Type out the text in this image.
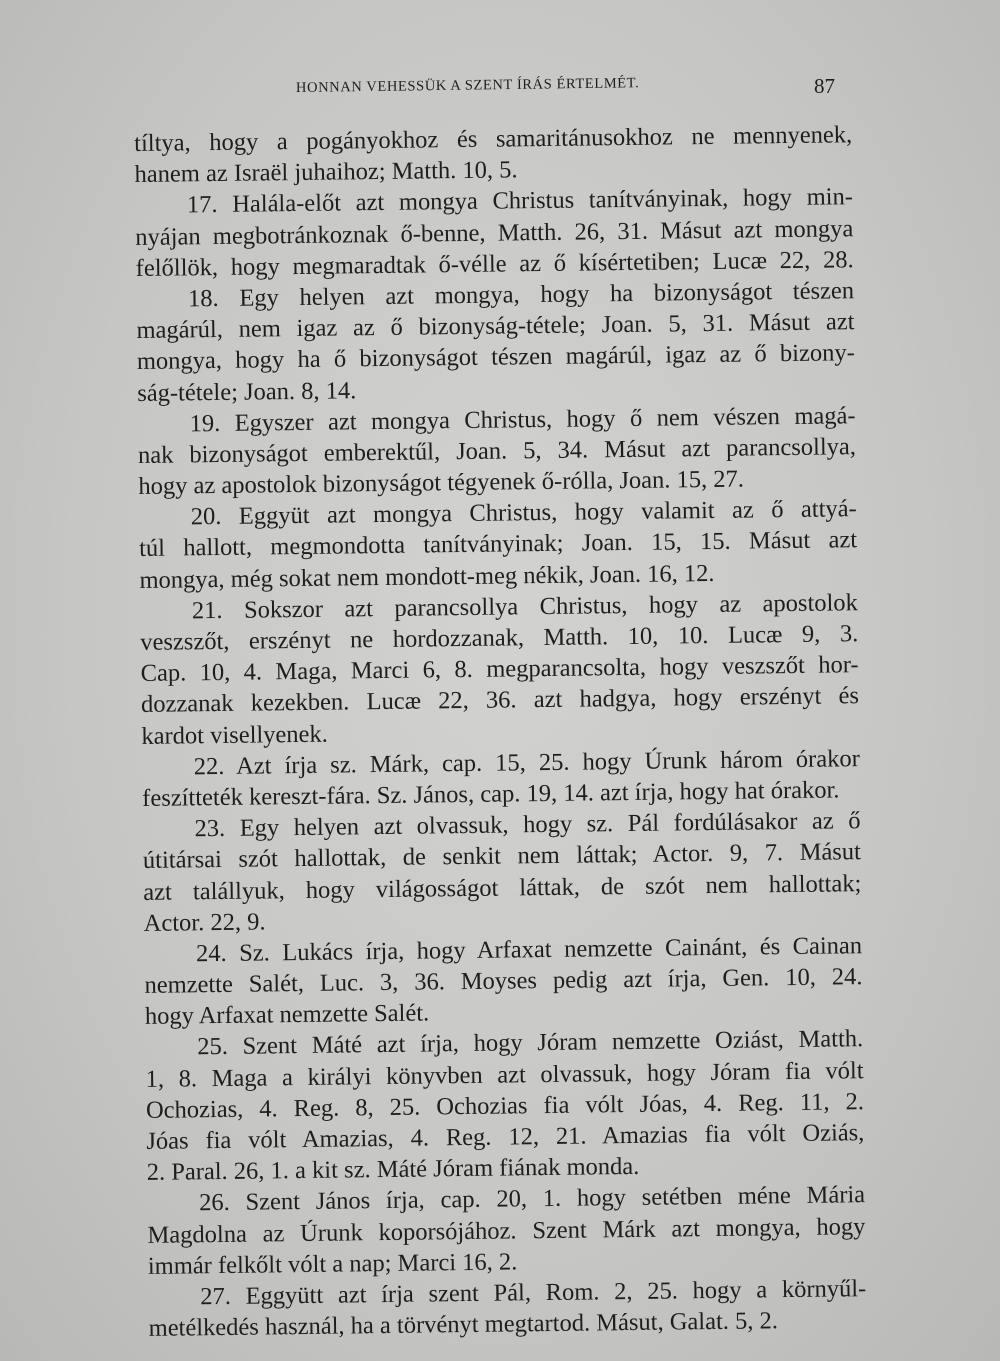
HONNAN VEHESSÜK A SZENT ÍRÁS ÉRTELMÉT.	87
tíltya, hogy a pogányokhoz és samaritánusokhoz ne mennyenek,
hanem az Israël juhaihoz; Matth. 10, 5.
17. Halála-előt azt mongya Christus tanítványinak, hogy min-
nyájan megbotránkoznak ő-benne, Matth. 26, 31. Másut azt mongya
felőllök, hogy megmaradtak ő-vélle az ő kísértetiben; Lucæ 22, 28.
18. Egy helyen azt mongya, hogy ha bizonyságot tészen
magárúl, nem igaz az ő bizonyság-tétele; Joan. 5, 31. Másut azt
mongya, hogy ha ő bizonyságot tészen magárúl, igaz az ő bizony-
ság-tétele; Joan. 8, 14.
19. Egyszer azt mongya Christus, hogy ő nem vészen magá-
nak bizonyságot emberektűl, Joan. 5, 34. Másut azt parancsollya,
hogy az apostolok bizonyságot tégyenek ő-rólla, Joan. 15, 27.
20. Eggyüt azt mongya Christus, hogy valamit az ő attyá-
túl hallott, megmondotta tanítványinak; Joan. 15, 15. Másut azt
mongya, még sokat nem mondott-meg nékik, Joan. 16, 12.
21. Sokszor azt parancsollya Christus, hogy az apostolok
veszszőt, erszényt ne hordozzanak, Matth. 10, 10. Lucæ 9, 3.
Cap. 10, 4. Maga, Marci 6, 8. megparancsolta, hogy veszszőt hor-
dozzanak kezekben. Lucæ 22, 36. azt hadgya, hogy erszényt és
kardot visellyenek.
22. Azt írja sz. Márk, cap. 15, 25. hogy Úrunk három órakor
feszítteték kereszt-fára. Sz. János, cap. 19, 14. azt írja, hogy hat órakor.
23. Egy helyen azt olvassuk, hogy sz. Pál fordúlásakor az ő
útitársai szót hallottak, de senkit nem láttak; Actor. 9, 7. Másut
azt talállyuk, hogy világosságot láttak, de szót nem hallottak;
Actor. 22, 9.
24. Sz. Lukács írja, hogy Arfaxat nemzette Cainánt, és Cainan
nemzette Salét, Luc. 3, 36. Moyses pedig azt írja, Gen. 10, 24.
hogy Arfaxat nemzette Salét.
25. Szent Máté azt írja, hogy Jóram nemzette Oziást, Matth.
1, 8. Maga a királyi könyvben azt olvassuk, hogy Jóram fia vólt
Ochozias, 4. Reg. 8, 25. Ochozias fia vólt Jóas, 4. Reg. 11, 2.
Jóas fia vólt Amazias, 4. Reg. 12, 21. Amazias fia vólt Oziás,
2. Paral. 26, 1. a kit sz. Máté Jóram fiának monda.
26. Szent János írja, cap. 20, 1. hogy setétben méne Mária
Magdolna az Úrunk koporsójához. Szent Márk azt mongya, hogy
immár felkőlt vólt a nap; Marci 16, 2.
27. Eggyütt azt írja szent Pál, Rom. 2, 25. hogy a környűl-
metélkedés használ, ha a törvényt megtartod. Másut, Galat. 5, 2.
